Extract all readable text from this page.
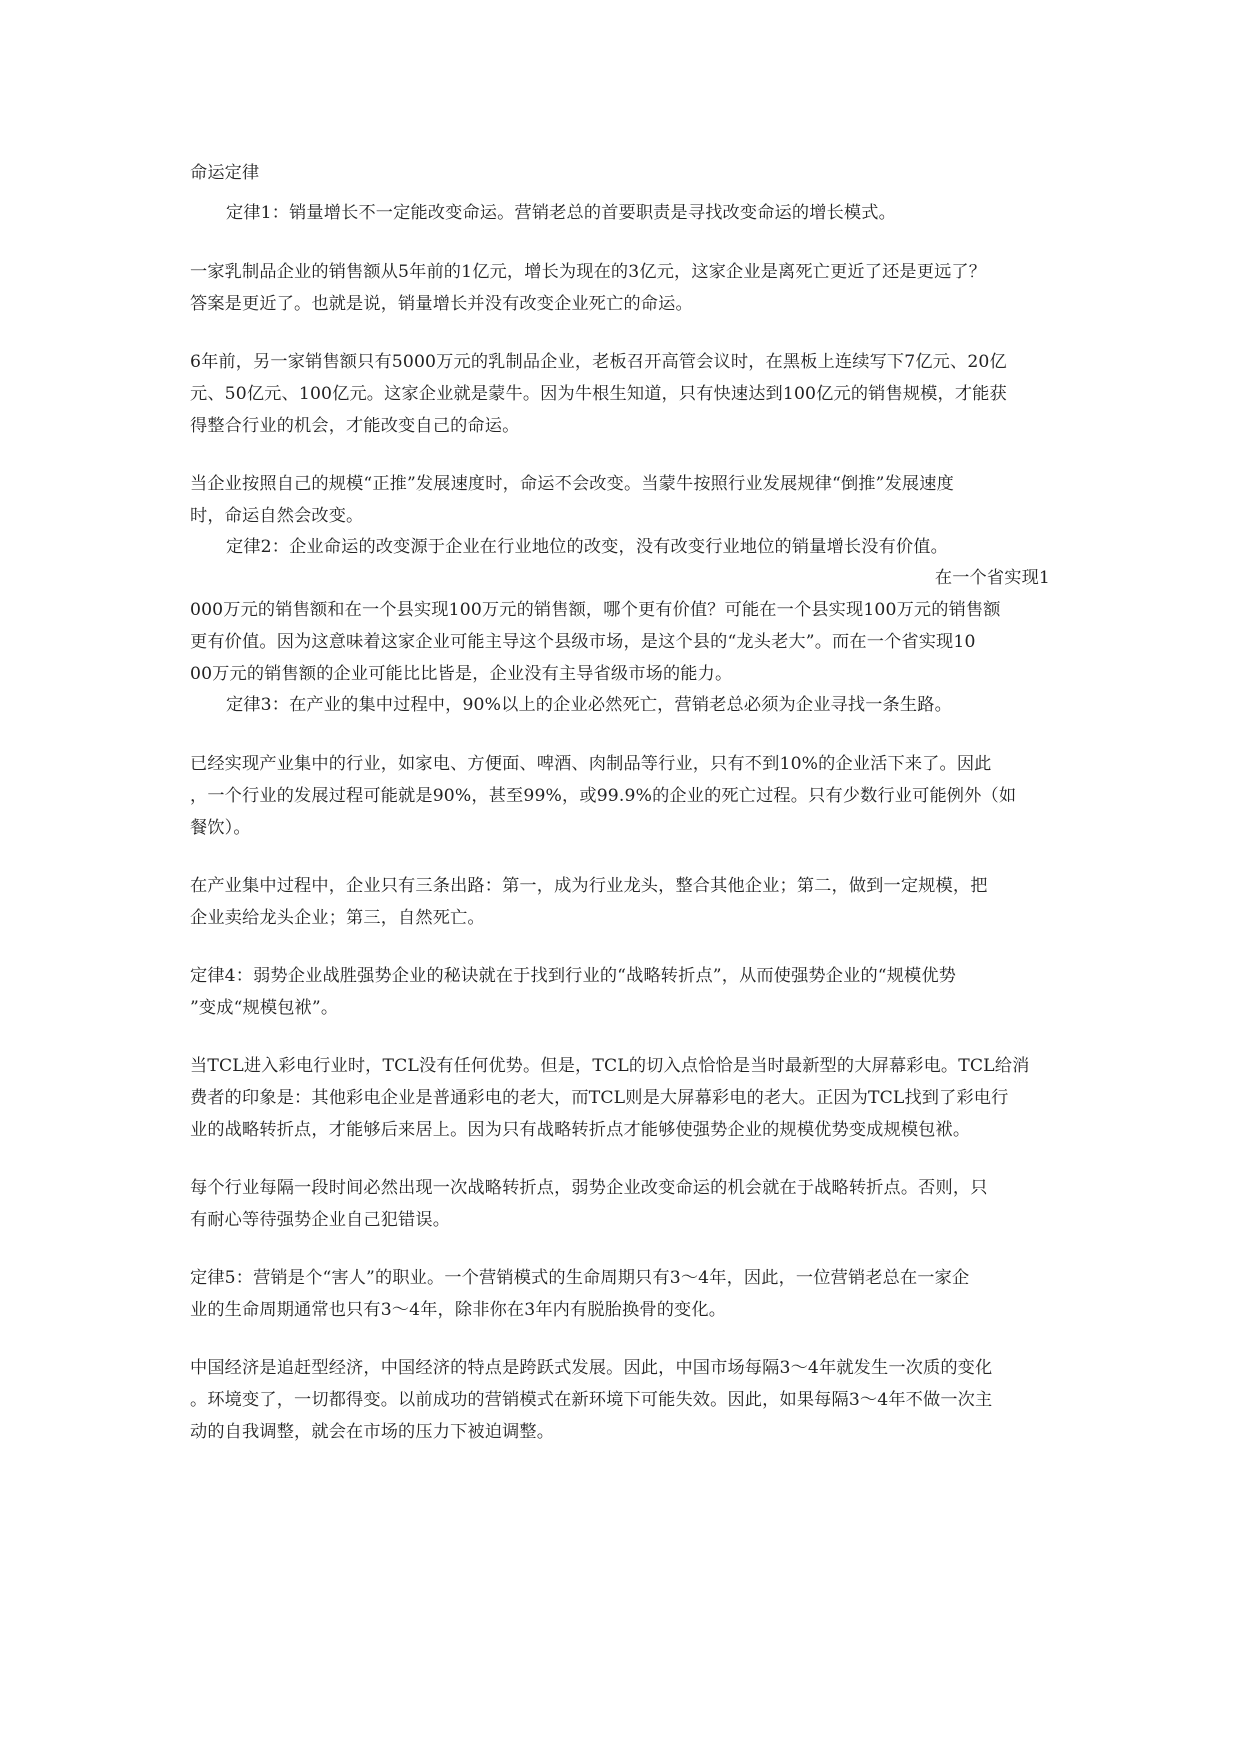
命运定律
定律1：销量增长不一定能改变命运。营销老总的首要职责是寻找改变命运的增长模式。
一家乳制品企业的销售额从5年前的1亿元，增长为现在的3亿元，这家企业是离死亡更近了还是更远了？
答案是更近了。也就是说，销量增长并没有改变企业死亡的命运。
6年前，另一家销售额只有5000万元的乳制品企业，老板召开高管会议时，在黑板上连续写下7亿元、20亿
元、50亿元、100亿元。这家企业就是蒙牛。因为牛根生知道，只有快速达到100亿元的销售规模，才能获
得整合行业的机会，才能改变自己的命运。
当企业按照自己的规模“正推”发展速度时，命运不会改变。当蒙牛按照行业发展规律“倒推”发展速度
时，命运自然会改变。
定律2：企业命运的改变源于企业在行业地位的改变，没有改变行业地位的销量增长没有价值。
在一个省实现1
000万元的销售额和在一个县实现100万元的销售额，哪个更有价值？可能在一个县实现100万元的销售额
更有价值。因为这意味着这家企业可能主导这个县级市场，是这个县的“龙头老大”。而在一个省实现10
00万元的销售额的企业可能比比皆是，企业没有主导省级市场的能力。
定律3：在产业的集中过程中，90%以上的企业必然死亡，营销老总必须为企业寻找一条生路。
已经实现产业集中的行业，如家电、方便面、啤酒、肉制品等行业，只有不到10%的企业活下来了。因此
，一个行业的发展过程可能就是90%，甚至99%，或99.9%的企业的死亡过程。只有少数行业可能例外（如
餐饮）。
在产业集中过程中，企业只有三条出路：第一，成为行业龙头，整合其他企业；第二，做到一定规模，把
企业卖给龙头企业；第三，自然死亡。
定律4：弱势企业战胜强势企业的秘诀就在于找到行业的“战略转折点”，从而使强势企业的“规模优势
”变成“规模包袱”。
当TCL进入彩电行业时，TCL没有任何优势。但是，TCL的切入点恰恰是当时最新型的大屏幕彩电。TCL给消
费者的印象是：其他彩电企业是普通彩电的老大，而TCL则是大屏幕彩电的老大。正因为TCL找到了彩电行
业的战略转折点，才能够后来居上。因为只有战略转折点才能够使强势企业的规模优势变成规模包袱。
每个行业每隔一段时间必然出现一次战略转折点，弱势企业改变命运的机会就在于战略转折点。否则，只
有耐心等待强势企业自己犯错误。
定律5：营销是个“害人”的职业。一个营销模式的生命周期只有3～4年，因此，一位营销老总在一家企
业的生命周期通常也只有3～4年，除非你在3年内有脱胎换骨的变化。
中国经济是追赶型经济，中国经济的特点是跨跃式发展。因此，中国市场每隔3～4年就发生一次质的变化
。环境变了，一切都得变。以前成功的营销模式在新环境下可能失效。因此，如果每隔3～4年不做一次主
动的自我调整，就会在市场的压力下被迫调整。
